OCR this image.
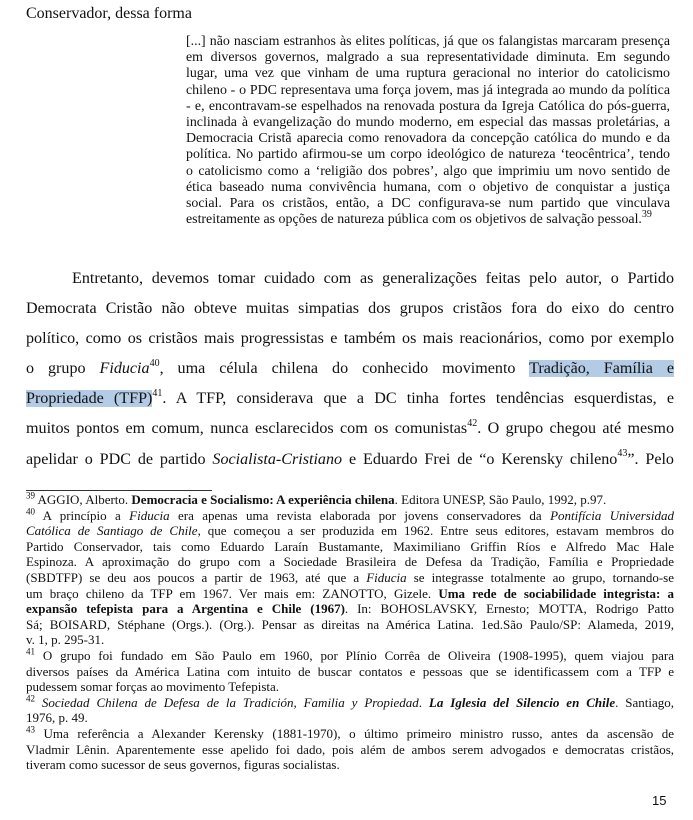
Conservador, dessa forma
[...] não nasciam estranhos às elites políticas, já que os falangistas marcaram presença
em diversos governos, malgrado a sua representatividade diminuta. Em segundo
lugar, uma vez que vinham de uma ruptura geracional no interior do catolicismo
chileno - o PDC representava uma força jovem, mas já integrada ao mundo da política
- e, encontravam-se espelhados na renovada postura da Igreja Católica do pós-guerra,
inclinada à evangelização do mundo moderno, em especial das massas proletárias, a
Democracia Cristã aparecia como renovadora da concepção católica do mundo e da
política. No partido afirmou-se um corpo ideológico de natureza ‘teocêntrica’, tendo
o catolicismo como a ‘religião dos pobres’, algo que imprimiu um novo sentido de
ética baseado numa convivência humana, com o objetivo de conquistar a justiça
social. Para os cristãos, então, a DC configurava-se num partido que vinculava
estreitamente as opções de natureza pública com os objetivos de salvação pessoal.$^{39}$
Entretanto, devemos tomar cuidado com as generalizações feitas pelo autor, o Partido
Democrata Cristão não obteve muitas simpatias dos grupos cristãos fora do eixo do centro
político, como os cristãos mais progressistas e também os mais reacionários, como por exemplo
o grupo Fiducia$^{40}$, uma célula chilena do conhecido movimento Tradição, Família e
Propriedade (TFP)$^{41}$. A TFP, considerava que a DC tinha fortes tendências esquerdistas, e
muitos pontos em comum, nunca esclarecidos com os comunistas$^{42}$. O grupo chegou até mesmo
apelidar o PDC de partido Socialista-Cristiano e Eduardo Frei de “o Kerensky chileno$^{43}$”. Pelo
$^{39}$ AGGIO, Alberto. Democracia e Socialismo: A experiência chilena. Editora UNESP, São Paulo, 1992, p.97.
$^{40}$ A princípio a Fiducia era apenas uma revista elaborada por jovens conservadores da Pontifícia Universidad
Católica de Santiago de Chile, que começou a ser produzida em 1962. Entre seus editores, estavam membros do
Partido Conservador, tais como Eduardo Laraín Bustamante, Maximiliano Griffin Ríos e Alfredo Mac Hale
Espinoza. A aproximação do grupo com a Sociedade Brasileira de Defesa da Tradição, Família e Propriedade
(SBDTFP) se deu aos poucos a partir de 1963, até que a Fiducia se integrasse totalmente ao grupo, tornando-se
um braço chileno da TFP em 1967. Ver mais em: ZANOTTO, Gizele. Uma rede de sociabilidade integrista: a
expansão tefepista para a Argentina e Chile (1967). In: BOHOSLAVSKY, Ernesto; MOTTA, Rodrigo Patto
Sá; BOISARD, Stéphane (Orgs.). (Org.). Pensar as direitas na América Latina. 1ed.São Paulo/SP: Alameda, 2019,
v. 1, p. 295-31.
$^{41}$ O grupo foi fundado em São Paulo em 1960, por Plínio Corrêa de Oliveira (1908-1995), quem viajou para
diversos países da América Latina com intuito de buscar contatos e pessoas que se identificassem com a TFP e
pudessem somar forças ao movimento Tefepista.
$^{42}$ Sociedad Chilena de Defesa de la Tradición, Familia y Propiedad. La Iglesia del Silencio en Chile. Santiago,
1976, p. 49.
$^{43}$ Uma referência a Alexander Kerensky (1881-1970), o último primeiro ministro russo, antes da ascensão de
Vladmir Lênin. Aparentemente esse apelido foi dado, pois além de ambos serem advogados e democratas cristãos,
tiveram como sucessor de seus governos, figuras socialistas.
15
